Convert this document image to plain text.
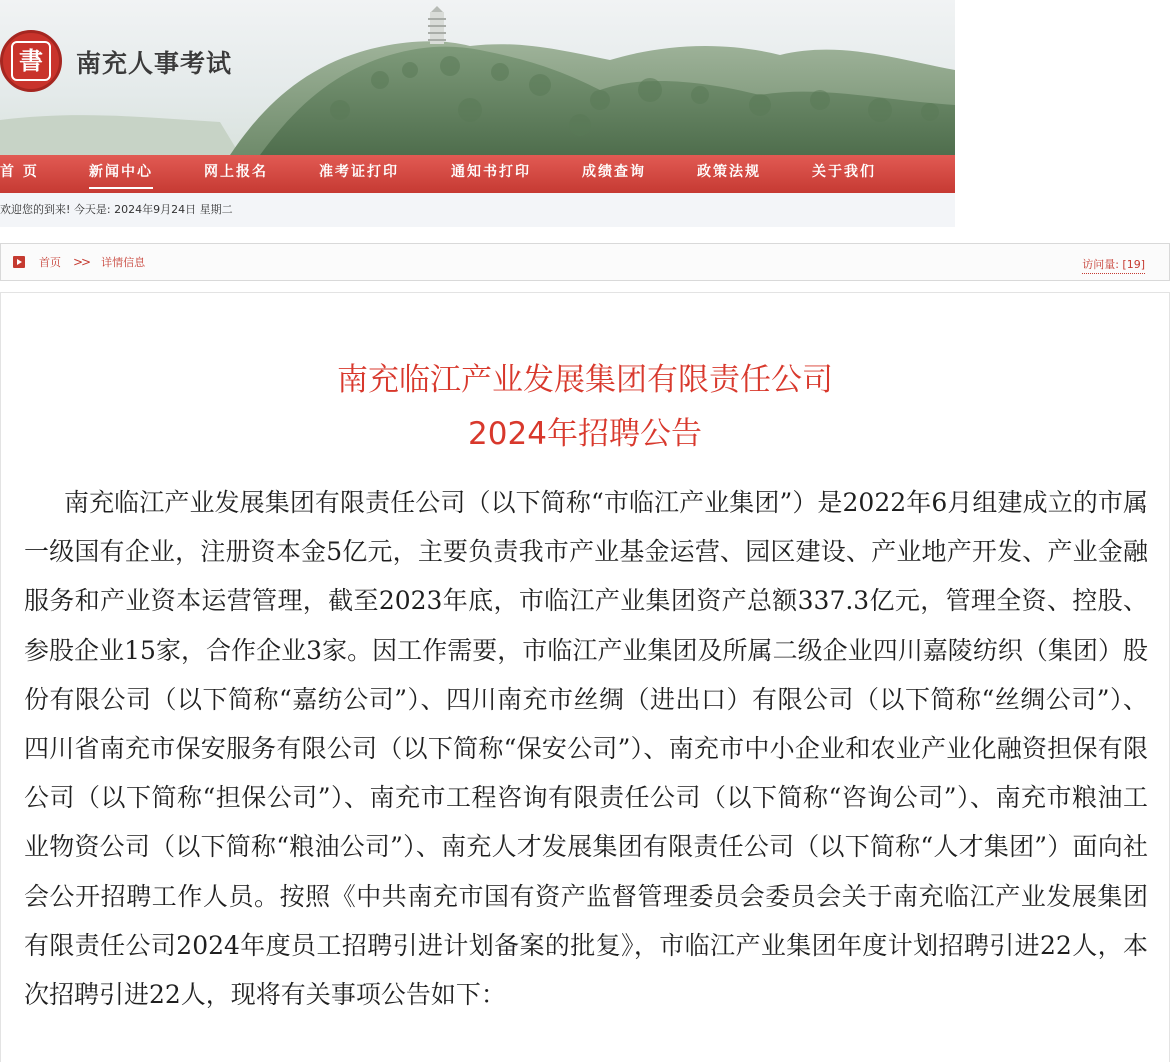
書	南充人事考试
首 页	新闻中心	网上报名	准考证打印	通知书打印	成绩查询	政策法规	关于我们
欢迎您的到来! 今天是: 2024年9月24日 星期二
首页 >> 详情信息	访问量: [19]
南充临江产业发展集团有限责任公司
2024年招聘公告
南充临江产业发展集团有限责任公司（以下简称“市临江产业集团”）是2022年6月组建成立的市属一级国有企业，注册资本金5亿元，主要负责我市产业基金运营、园区建设、产业地产开发、产业金融服务和产业资本运营管理，截至2023年底，市临江产业集团资产总额337.3亿元，管理全资、控股、参股企业15家，合作企业3家。因工作需要，市临江产业集团及所属二级企业四川嘉陵纺织（集团）股份有限公司（以下简称“嘉纺公司”）、四川南充市丝绸（进出口）有限公司（以下简称“丝绸公司”）、四川省南充市保安服务有限公司（以下简称“保安公司”）、南充市中小企业和农业产业化融资担保有限公司（以下简称“担保公司”）、南充市工程咨询有限责任公司（以下简称“咨询公司”）、南充市粮油工业物资公司（以下简称“粮油公司”）、南充人才发展集团有限责任公司（以下简称“人才集团”）面向社会公开招聘工作人员。按照《中共南充市国有资产监督管理委员会委员会关于南充临江产业发展集团有限责任公司2024年度员工招聘引进计划备案的批复》，市临江产业集团年度计划招聘引进22人，本次招聘引进22人，现将有关事项公告如下：
